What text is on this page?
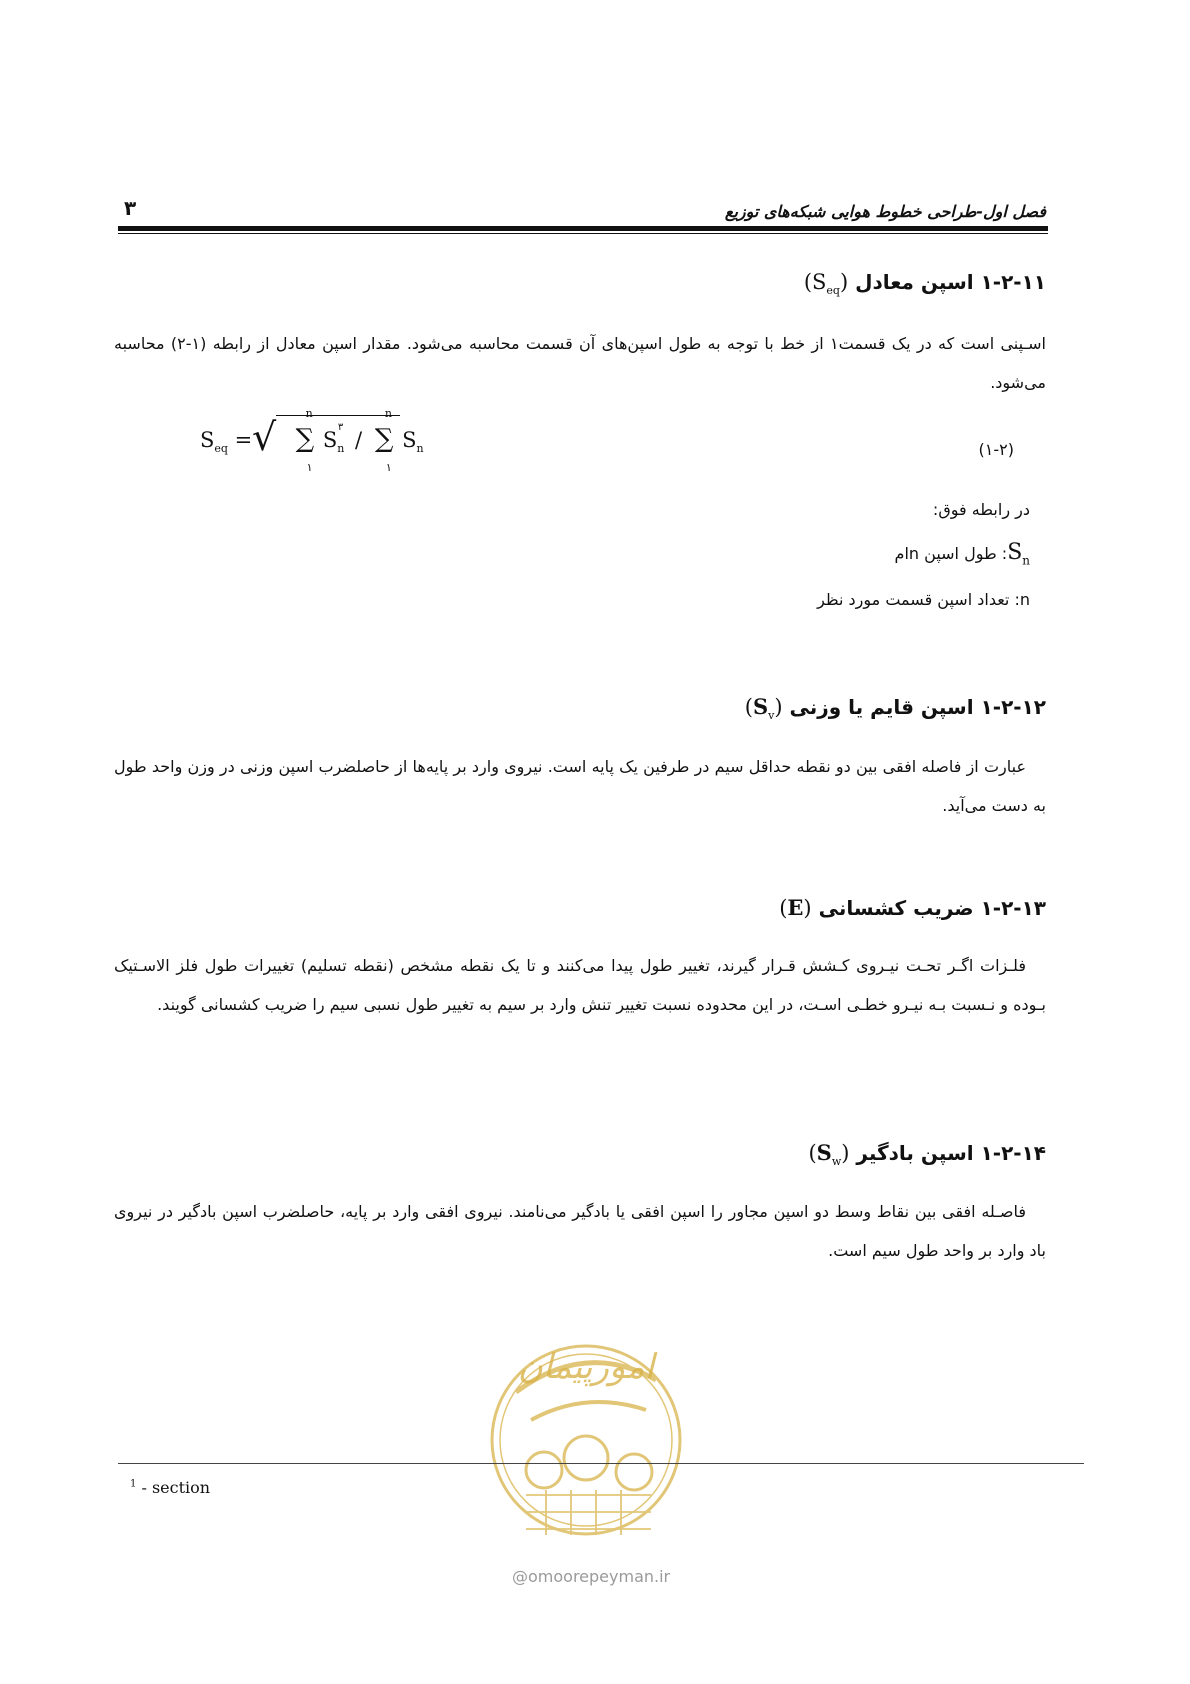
فصل اول-طراحی خطوط هوایی شبکه‌های توزیع
۳
۱-۲-۱۱ اسپن معادل $(S_{eq})$
اسـپنی است که در یک قسمت۱ از خط با توجه به طول اسپن‌های آن قسمت محاسبه می‌شود. مقدار اسپن معادل از رابطه (۱-۲) محاسبه می‌شود.
√
$S_{eq}$ = ∑
n
۱
$S_n$
۳
/ ∑
n
۱
$S_n$	(۱-۲)
در رابطه فوق:
$S_n$: طول اسپن nام
n: تعداد اسپن قسمت مورد نظر
۱-۲-۱۲ اسپن قایم یا وزنی $(S_v)$
عبارت از فاصله افقی بین دو نقطه حداقل سیم در طرفین یک پایه است. نیروی وارد بر پایه‌ها از حاصلضرب اسپن وزنی در وزن واحد طول به دست می‌آید.
۱-۲-۱۳ ضریب کشسانی (E)
فلـزات اگـر تحـت نیـروی کـشش قـرار گیرند، تغییر طول پیدا می‌کنند و تا یک نقطه مشخص (نقطه تسلیم) تغییرات طول فلز الاسـتیک بـوده و نـسبت بـه نیـرو خطـی اسـت، در این محدوده نسبت تغییر تنش وارد بر سیم به تغییر طول نسبی سیم را ضریب کشسانی گویند.
۱-۲-۱۴ اسپن بادگیر $(S_w)$
فاصـله افقی بین نقاط وسط دو اسپن مجاور را اسپن افقی یا بادگیر می‌نامند. نیروی افقی وارد بر پایه، حاصلضرب اسپن بادگیر در نیروی باد وارد بر واحد طول سیم است.
امورپیمان
@omoorepeyman.ir
$^1$ - section
